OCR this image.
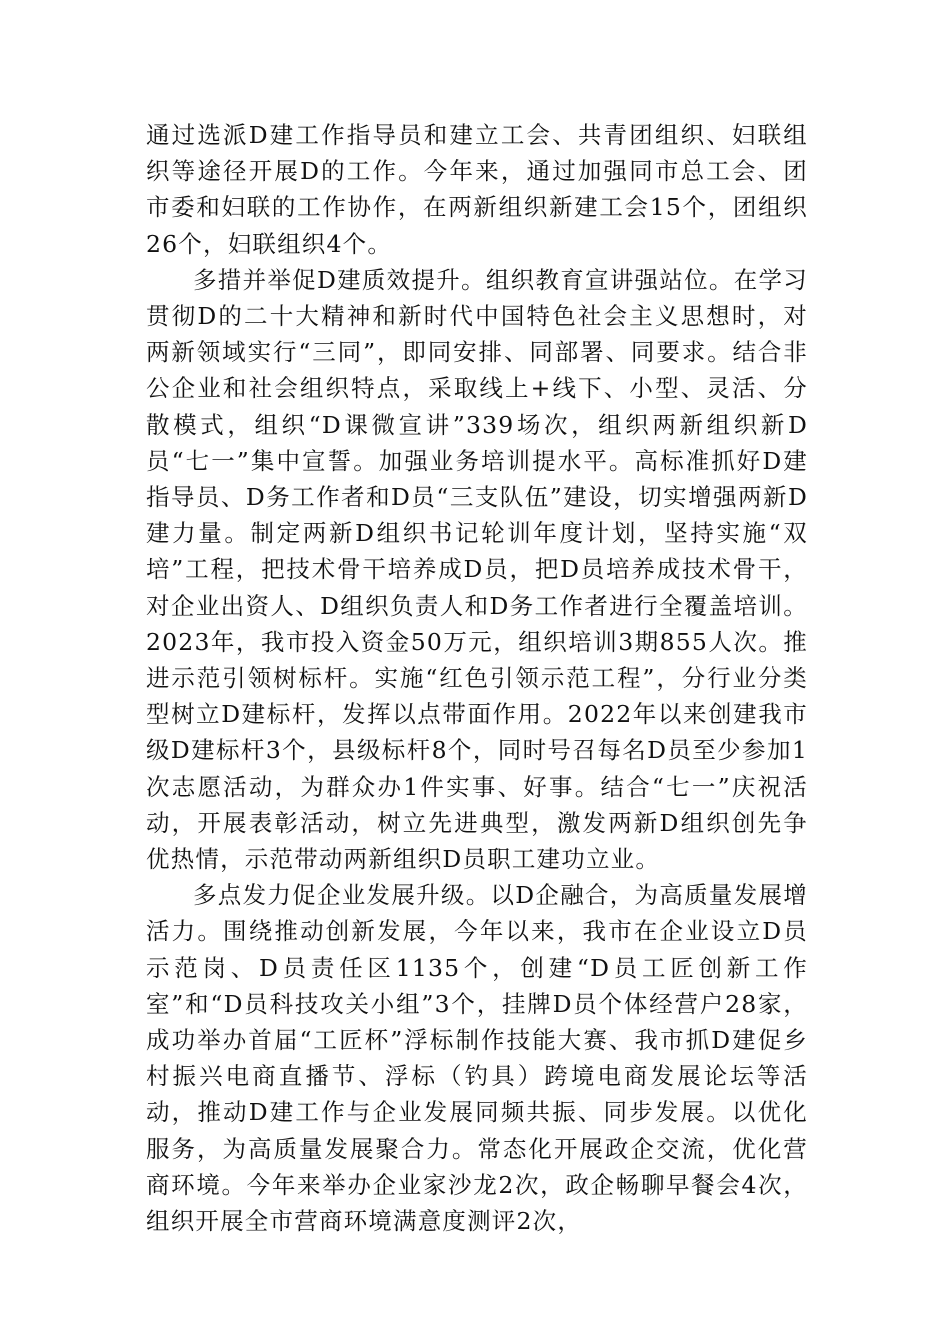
通过选派D建工作指导员和建立工会、共青团组织、妇联组织等途径开展D的工作。今年来，通过加强同市总工会、团市委和妇联的工作协作，在两新组织新建工会15个，团组织26个，妇联组织4个。

多措并举促D建质效提升。组织教育宣讲强站位。在学习贯彻D的二十大精神和新时代中国特色社会主义思想时，对两新领域实行“三同”，即同安排、同部署、同要求。结合非公企业和社会组织特点，采取线上+线下、小型、灵活、分散模式，组织“D课微宣讲”339场次，组织两新组织新D员“七一”集中宣誓。加强业务培训提水平。高标准抓好D建指导员、D务工作者和D员“三支队伍”建设，切实增强两新D建力量。制定两新D组织书记轮训年度计划，坚持实施“双培”工程，把技术骨干培养成D员，把D员培养成技术骨干，对企业出资人、D组织负责人和D务工作者进行全覆盖培训。2023年，我市投入资金50万元，组织培训3期855人次。推进示范引领树标杆。实施“红色引领示范工程”，分行业分类型树立D建标杆，发挥以点带面作用。2022年以来创建我市级D建标杆3个，县级标杆8个，同时号召每名D员至少参加1次志愿活动，为群众办1件实事、好事。结合“七一”庆祝活动，开展表彰活动，树立先进典型，激发两新D组织创先争优热情，示范带动两新组织D员职工建功立业。

多点发力促企业发展升级。以D企融合，为高质量发展增活力。围绕推动创新发展，今年以来，我市在企业设立D员示范岗、D员责任区1135个，创建“D员工匠创新工作室”和“D员科技攻关小组”3个，挂牌D员个体经营户28家，成功举办首届“工匠杯”浮标制作技能大赛、我市抓D建促乡村振兴电商直播节、浮标（钓具）跨境电商发展论坛等活动，推动D建工作与企业发展同频共振、同步发展。以优化服务，为高质量发展聚合力。常态化开展政企交流，优化营商环境。今年来举办企业家沙龙2次，政企畅聊早餐会4次，组织开展全市营商环境满意度测评2次，
